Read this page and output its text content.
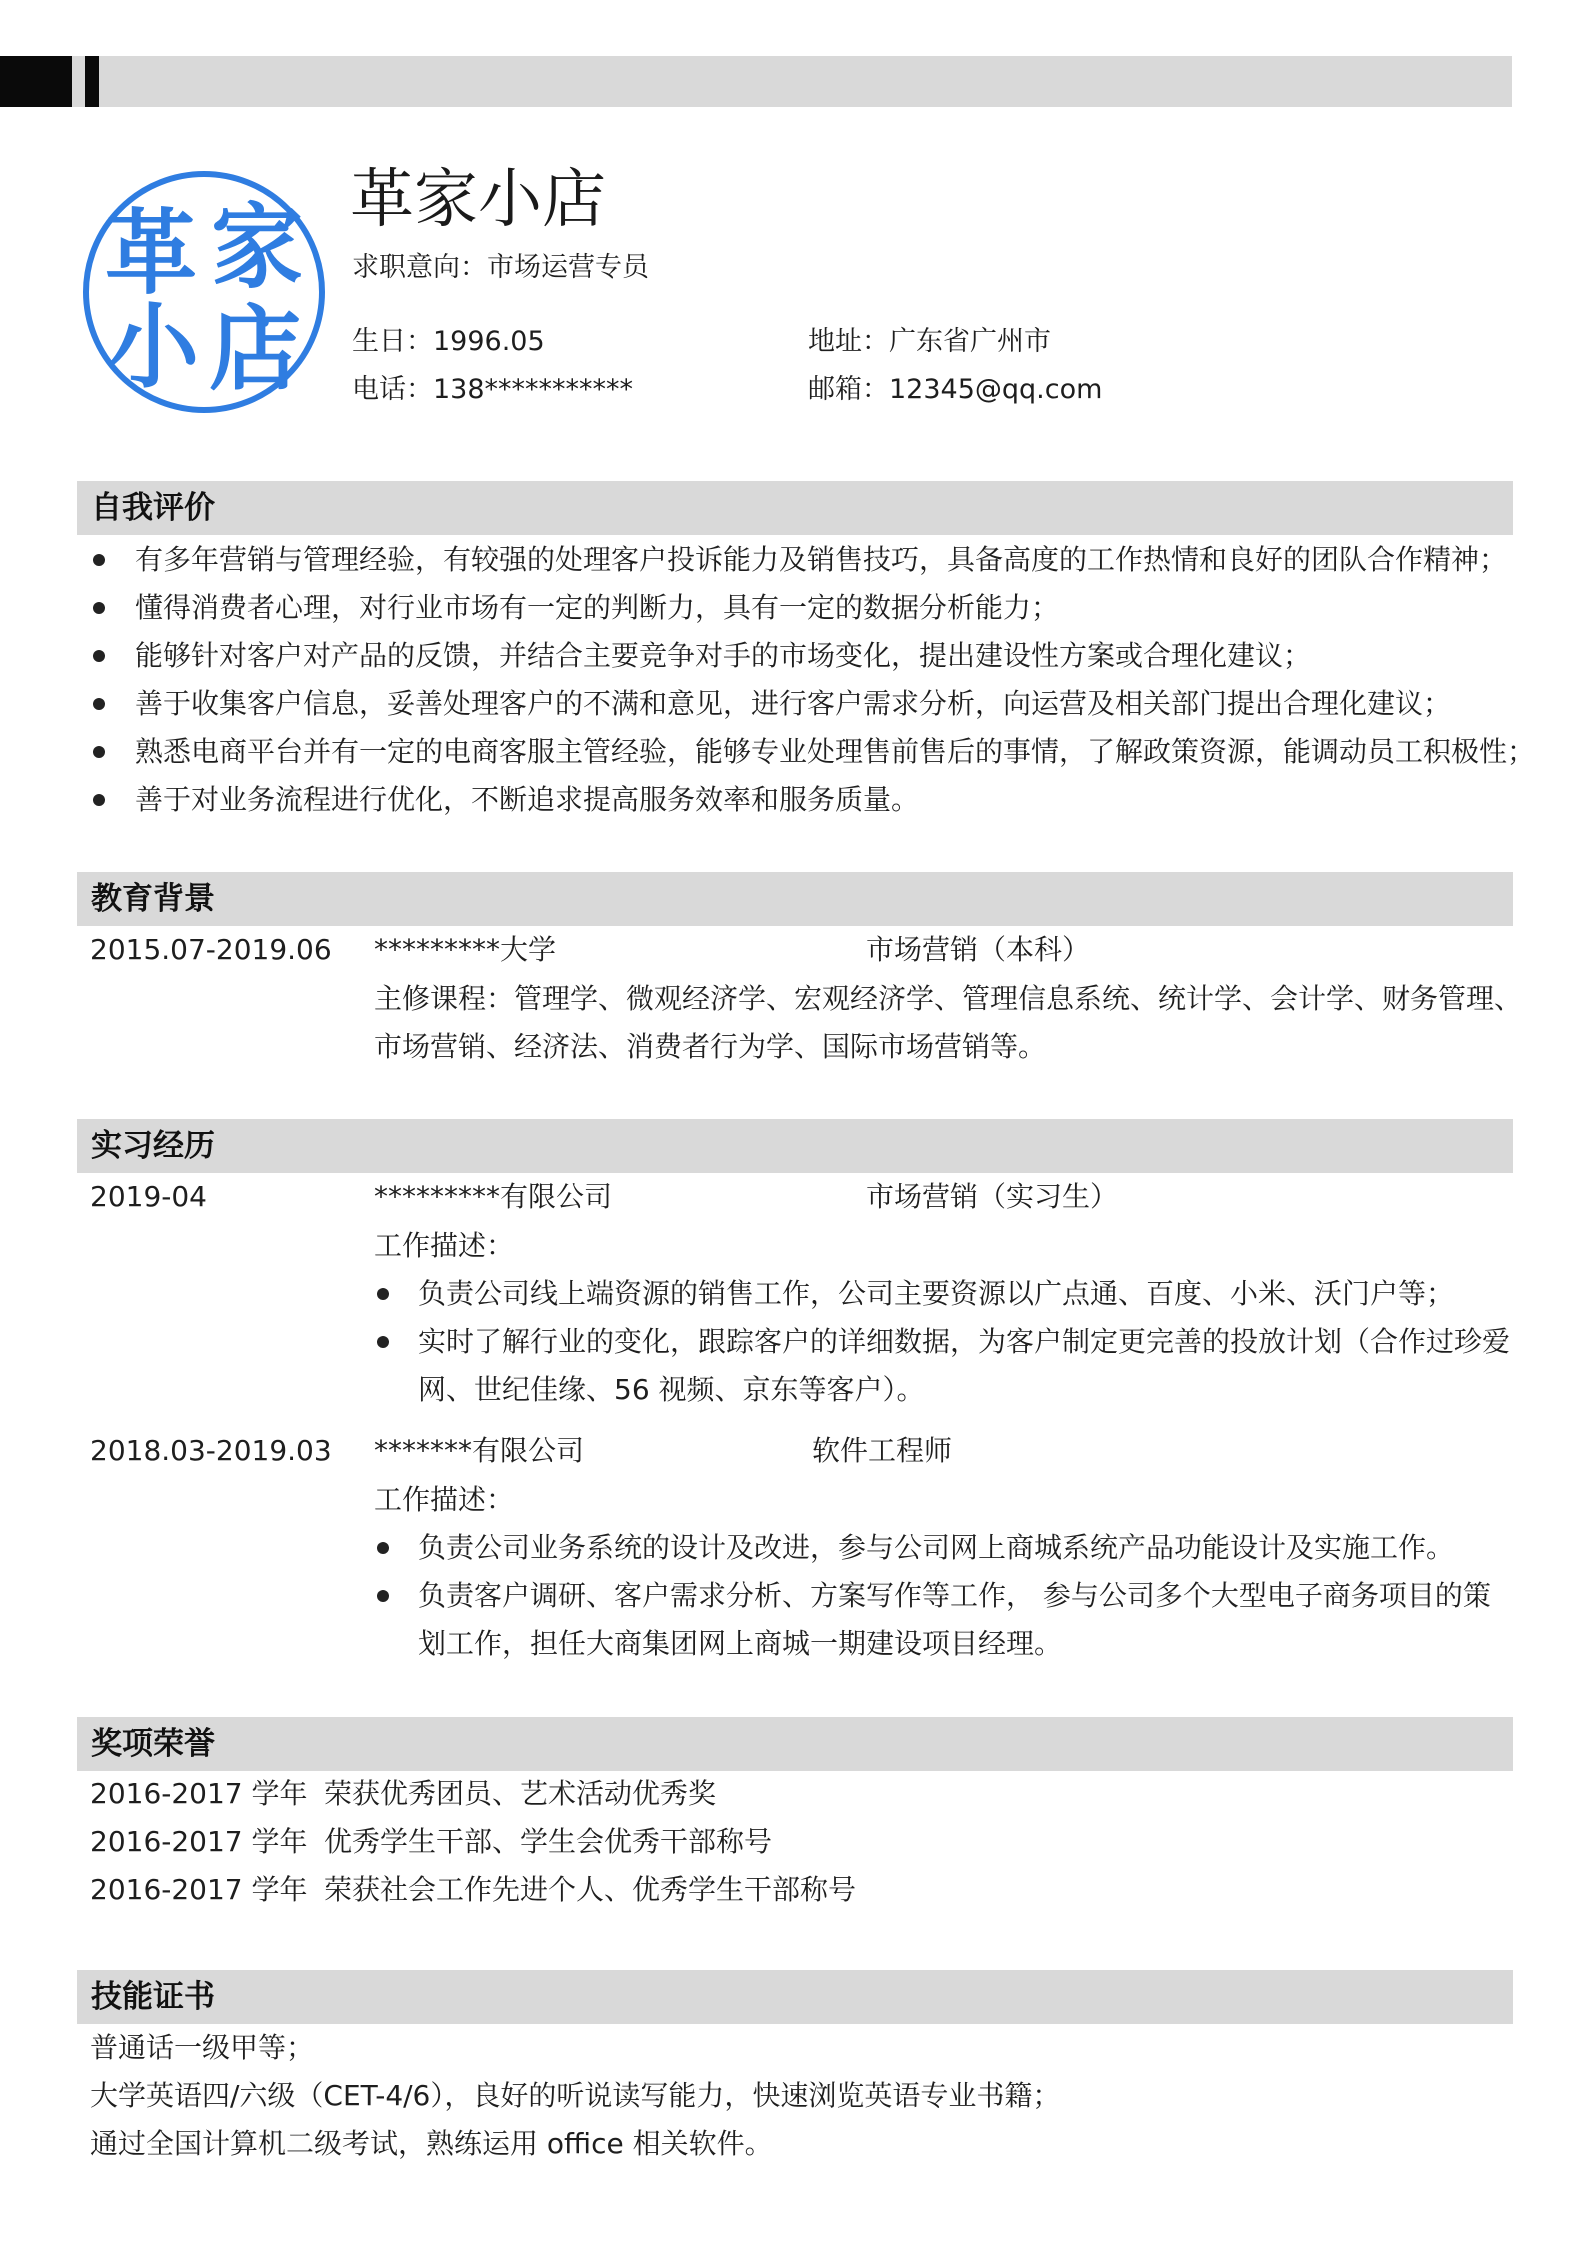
革 家
小 店
革家小店
求职意向：市场运营专员
生日：1996.05	地址：广东省广州市
电话：138***********	邮箱：12345@qq.com
自我评价
有多年营销与管理经验，有较强的处理客户投诉能力及销售技巧，具备高度的工作热情和良好的团队合作精神；
懂得消费者心理，对行业市场有一定的判断力，具有一定的数据分析能力；
能够针对客户对产品的反馈，并结合主要竞争对手的市场变化，提出建设性方案或合理化建议；
善于收集客户信息，妥善处理客户的不满和意见，进行客户需求分析，向运营及相关部门提出合理化建议；
熟悉电商平台并有一定的电商客服主管经验，能够专业处理售前售后的事情，了解政策资源，能调动员工积极性；
善于对业务流程进行优化，不断追求提高服务效率和服务质量。
教育背景
2015.07-2019.06 *********大学	市场营销（本科）
主修课程：管理学、微观经济学、宏观经济学、管理信息系统、统计学、会计学、财务管理、
市场营销、经济法、消费者行为学、国际市场营销等。
实习经历
2019-04	*********有限公司	市场营销（实习生）
工作描述：
负责公司线上端资源的销售工作，公司主要资源以广点通、百度、小米、沃门户等；
实时了解行业的变化，跟踪客户的详细数据，为客户制定更完善的投放计划（合作过珍爱
网、世纪佳缘、56 视频、京东等客户）。
2018.03-2019.03 *******有限公司	软件工程师
工作描述：
负责公司业务系统的设计及改进，参与公司网上商城系统产品功能设计及实施工作。
负责客户调研、客户需求分析、方案写作等工作， 参与公司多个大型电子商务项目的策
划工作，担任大商集团网上商城一期建设项目经理。
奖项荣誉
2016-2017 学年 荣获优秀团员、艺术活动优秀奖
2016-2017 学年 优秀学生干部、学生会优秀干部称号
2016-2017 学年 荣获社会工作先进个人、优秀学生干部称号
技能证书
普通话一级甲等；
大学英语四/六级（CET-4/6），良好的听说读写能力，快速浏览英语专业书籍；
通过全国计算机二级考试，熟练运用 office 相关软件。
